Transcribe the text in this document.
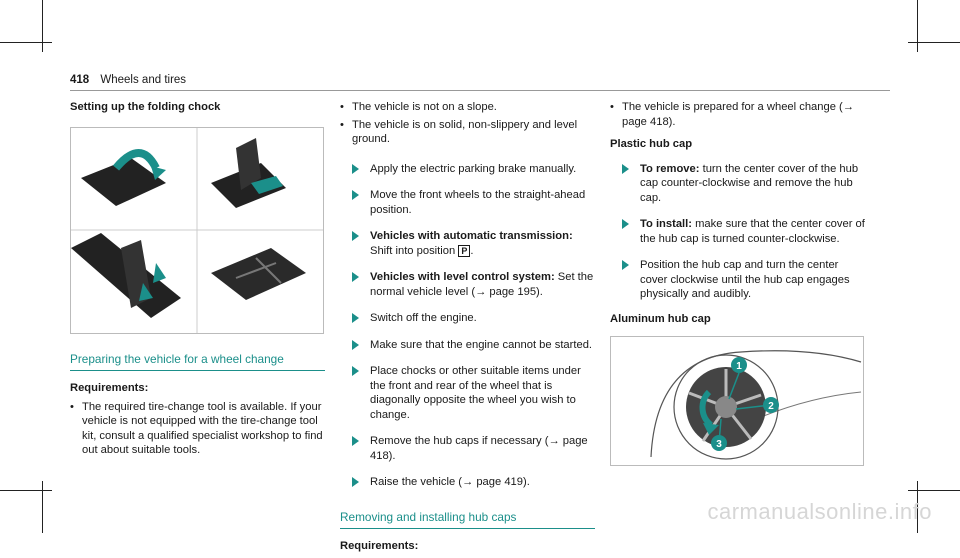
418 Wheels and tires

Setting up the folding chock

Preparing the vehicle for a wheel change

Requirements:

• The required tire-change tool is available. If your vehicle is not equipped with the tire-change tool kit, consult a qualified specialist workshop to find out about suitable tools.

• The vehicle is not on a slope.

• The vehicle is on solid, non-slippery and level ground.

Apply the electric parking brake manually.

Move the front wheels to the straight-ahead position.

Vehicles with automatic transmission:
Shift into position P .

Vehicles with level control system: Set the normal vehicle level (→ page 195).

Switch off the engine.

Make sure that the engine cannot be started.

Place chocks or other suitable items under the front and rear of the wheel that is diagonally opposite the wheel you wish to change.

Remove the hub caps if necessary (→ page 418).

Raise the vehicle (→ page 419).

Removing and installing hub caps

Requirements:

• The vehicle is prepared for a wheel change (→ page 418).

Plastic hub cap

To remove: turn the center cover of the hub cap counter-clockwise and remove the hub cap.

To install: make sure that the center cover of the hub cap is turned counter-clockwise.

Position the hub cap and turn the center cover clockwise until the hub cap engages physically and audibly.

Aluminum hub cap

1
2
3
carmanualsonline.info
